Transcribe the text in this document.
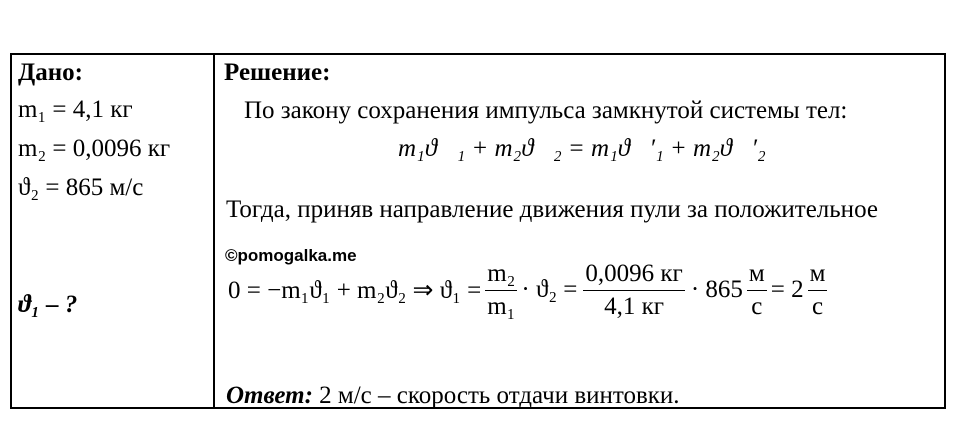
Дано:
m₁ = 4,1 кг
m₂ = 0,0096 кг
ϑ₂ = 865 м/с
ϑ₁ – ?
Решение:
По закону сохранения импульса замкнутой системы тел:
m₁ϑ⃗₁ + m₂ϑ⃗₂ = m₁ϑ⃗′₁ + m₂ϑ⃗′₂
Тогда, приняв направление движения пули за положительное
©pomogalka.me
0 = −m₁ϑ₁ + m₂ϑ₂ ⇒ $ϑ_1 = \frac{\text{m₂}}{\text{m₁}} \cdot ϑ_2 = \frac{0,0096 кг}{4,1 кг} \cdot 865 \frac{м}{с} = 2 \frac{м}{с}$
Ответ: 2 м/с – скорость отдачи винтовки.
